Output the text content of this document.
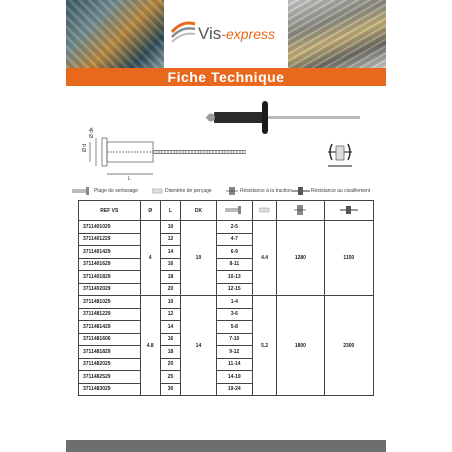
Vis-express
Fiche Technique
Ø d
Ø dk
L
Plage de sertissage	Diamètre de perçage	Résistance à la traction	Résistance au cisaillement
REF VS	Ø	L	DK				
3711401029	4	10	10	2-5	4.4	1280	1150
3711401229		12		4-7			
3711401429		14		6-9			
3711401629		16		8-11			
3711401829		18		10-13			
3711402029		20		12-15			
3711481029	4.8	10	14	1-4	5.2	1800	2300
3711481229		12		3-6			
3711481429		14		5-8			
3711481606		16		7-10			
3711481829		18		9-12			
3711482029		20		11-14			
3711482529		25		14-19			
3711483029		30		19-24			
